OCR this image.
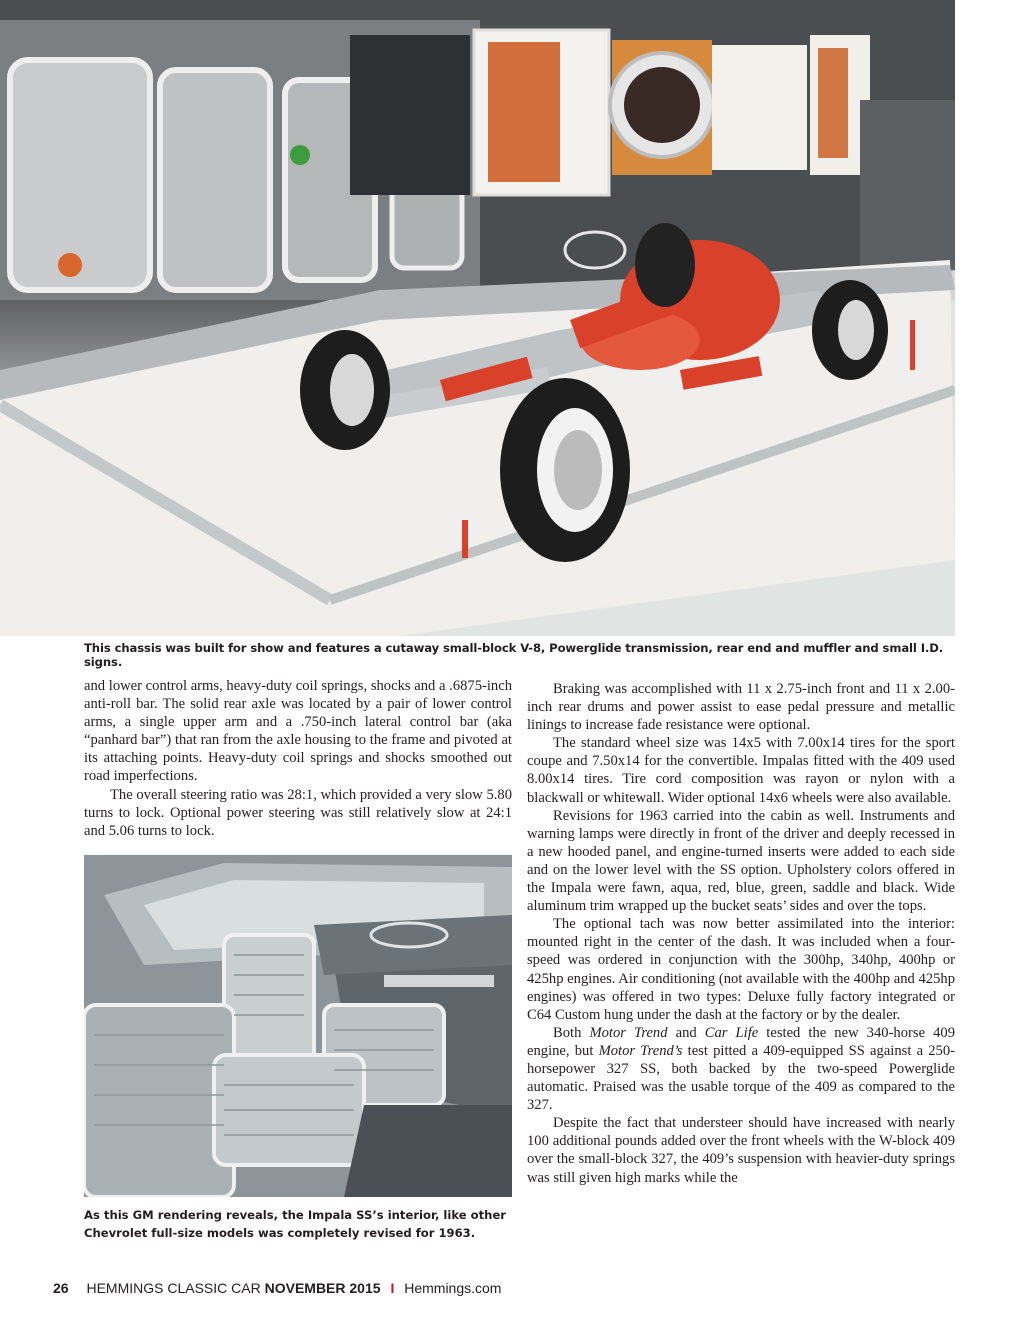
This chassis was built for show and features a cutaway small-block V-8, Powerglide transmission, rear end and muffler and small I.D. signs.

and lower control arms, heavy-duty coil springs, shocks and a .6875-inch anti-roll bar. The solid rear axle was located by a pair of lower control arms, a single upper arm and a .750-inch lateral control bar (aka “panhard bar”) that ran from the axle housing to the frame and pivoted at its attaching points. Heavy-duty coil springs and shocks smoothed out road imperfections.

The overall steering ratio was 28:1, which provided a very slow 5.80 turns to lock. Optional power steering was still relatively slow at 24:1 and 5.06 turns to lock.

As this GM rendering reveals, the Impala SS’s interior, like other Chevrolet full-size models was completely revised for 1963.

Braking was accomplished with 11 x 2.75-inch front and 11 x 2.00-inch rear drums and power assist to ease pedal pressure and metallic linings to increase fade resistance were optional.

The standard wheel size was 14x5 with 7.00x14 tires for the sport coupe and 7.50x14 for the convertible. Impalas fitted with the 409 used 8.00x14 tires. Tire cord composition was rayon or nylon with a blackwall or whitewall. Wider optional 14x6 wheels were also available.

Revisions for 1963 carried into the cabin as well. Instruments and warning lamps were directly in front of the driver and deeply recessed in a new hooded panel, and engine-turned inserts were added to each side and on the lower level with the SS option. Upholstery colors offered in the Impala were fawn, aqua, red, blue, green, saddle and black. Wide aluminum trim wrapped up the bucket seats’ sides and over the tops.

The optional tach was now better assimilated into the interior: mounted right in the center of the dash. It was included when a four-speed was ordered in conjunction with the 300hp, 340hp, 400hp or 425hp engines. Air conditioning (not available with the 400hp and 425hp engines) was offered in two types: Deluxe fully factory integrated or C64 Custom hung under the dash at the factory or by the dealer.

Both Motor Trend and Car Life tested the new 340-horse 409 engine, but Motor Trend’s test pitted a 409-equipped SS against a 250-horsepower 327 SS, both backed by the two-speed Powerglide automatic. Praised was the usable torque of the 409 as compared to the 327.

Despite the fact that understeer should have increased with nearly 100 additional pounds added over the front wheels with the W-block 409 over the small-block 327, the 409’s suspension with heavier-duty springs was still given high marks while the

26 HEMMINGS CLASSIC CAR NOVEMBER 2015 I Hemmings.com
